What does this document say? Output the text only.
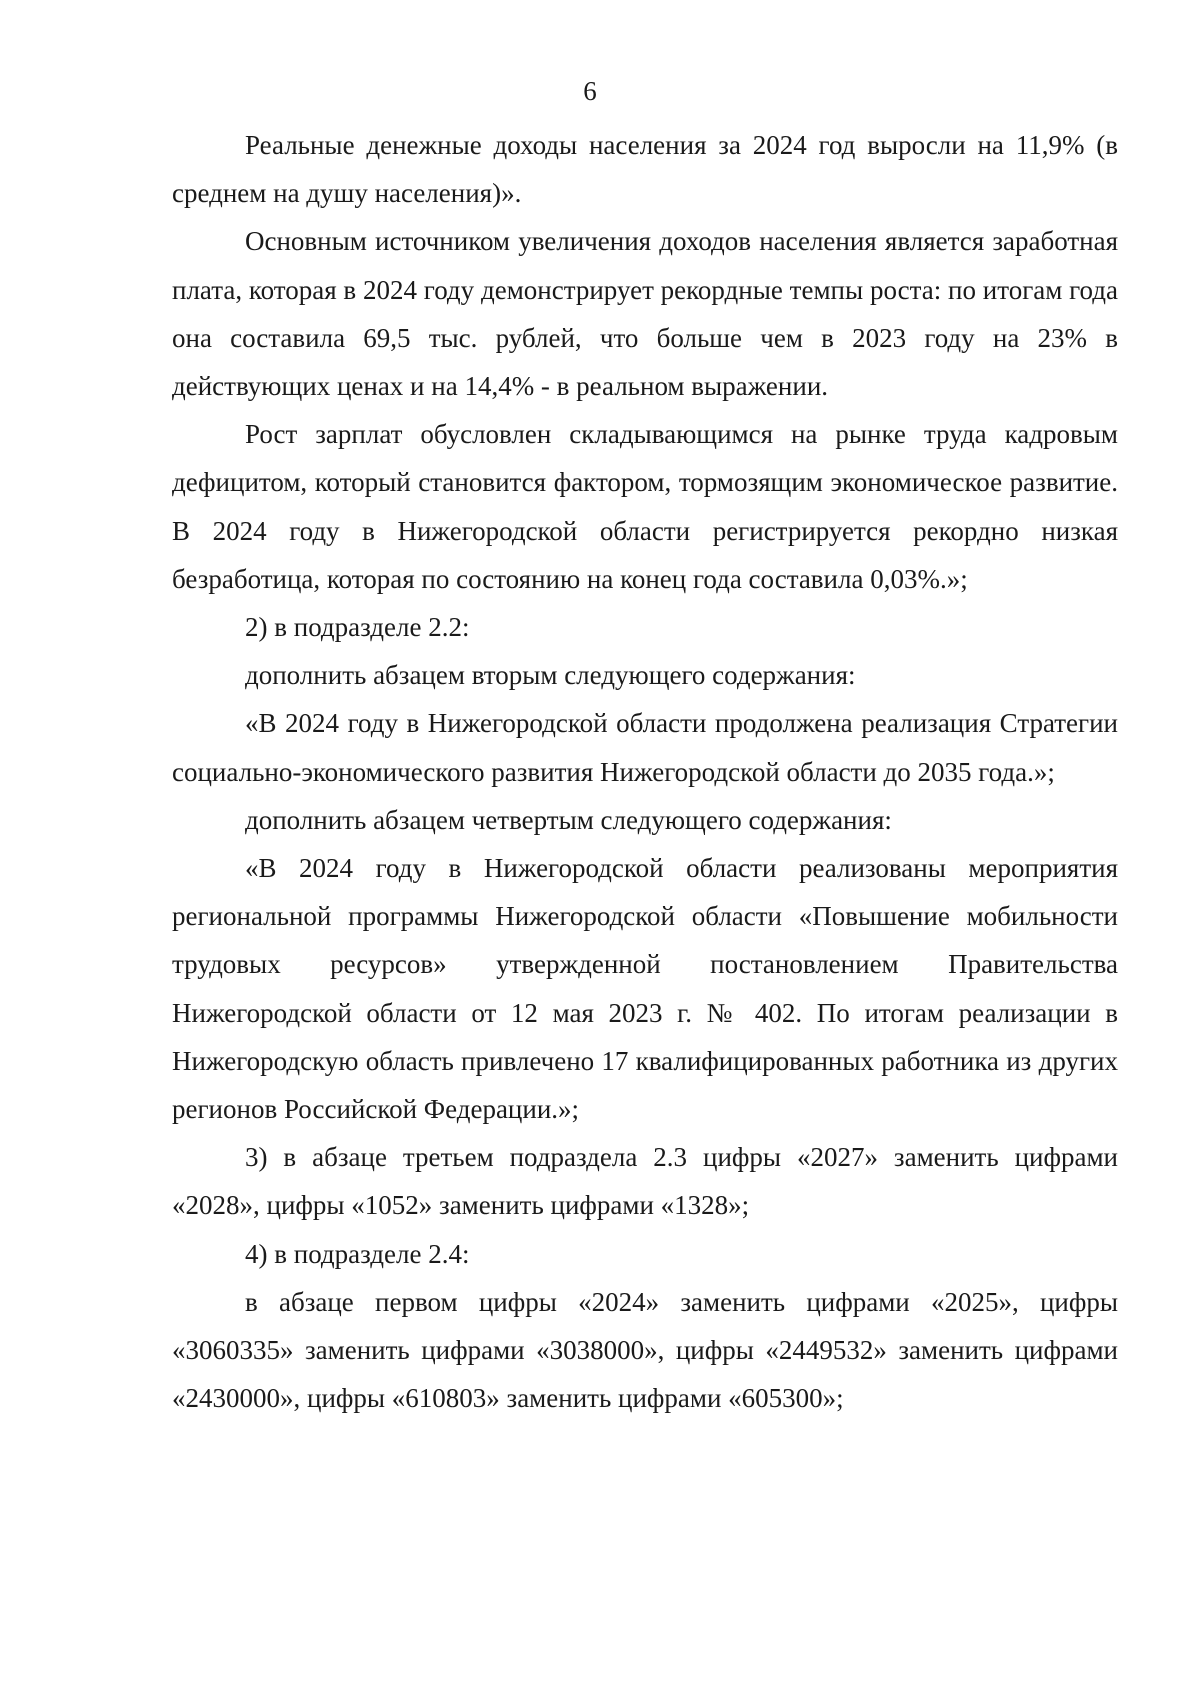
6

Реальные денежные доходы населения за 2024 год выросли на 11,9% (в среднем на душу населения)».

Основным источником увеличения доходов населения является заработная плата, которая в 2024 году демонстрирует рекордные темпы роста: по итогам года она составила 69,5 тыс. рублей, что больше чем в 2023 году на 23% в действующих ценах и на 14,4% - в реальном выражении.

Рост зарплат обусловлен складывающимся на рынке труда кадровым дефицитом, который становится фактором, тормозящим экономическое развитие. В 2024 году в Нижегородской области регистрируется рекордно низкая безработица, которая по состоянию на конец года составила 0,03%.»;

2) в подразделе 2.2:

дополнить абзацем вторым следующего содержания:

«В 2024 году в Нижегородской области продолжена реализация Стратегии социально-экономического развития Нижегородской области до 2035 года.»;

дополнить абзацем четвертым следующего содержания:

«В 2024 году в Нижегородской области реализованы мероприятия региональной программы Нижегородской области «Повышение мобильности трудовых ресурсов» утвержденной постановлением Правительства Нижегородской области от 12 мая 2023 г. № 402. По итогам реализации в Нижегородскую область привлечено 17 квалифицированных работника из других регионов Российской Федерации.»;

3) в абзаце третьем подраздела 2.3 цифры «2027» заменить цифрами «2028», цифры «1052» заменить цифрами «1328»;

4) в подразделе 2.4:

в абзаце первом цифры «2024» заменить цифрами «2025», цифры «3060335» заменить цифрами «3038000», цифры «2449532» заменить цифрами «2430000», цифры «610803» заменить цифрами «605300»;
